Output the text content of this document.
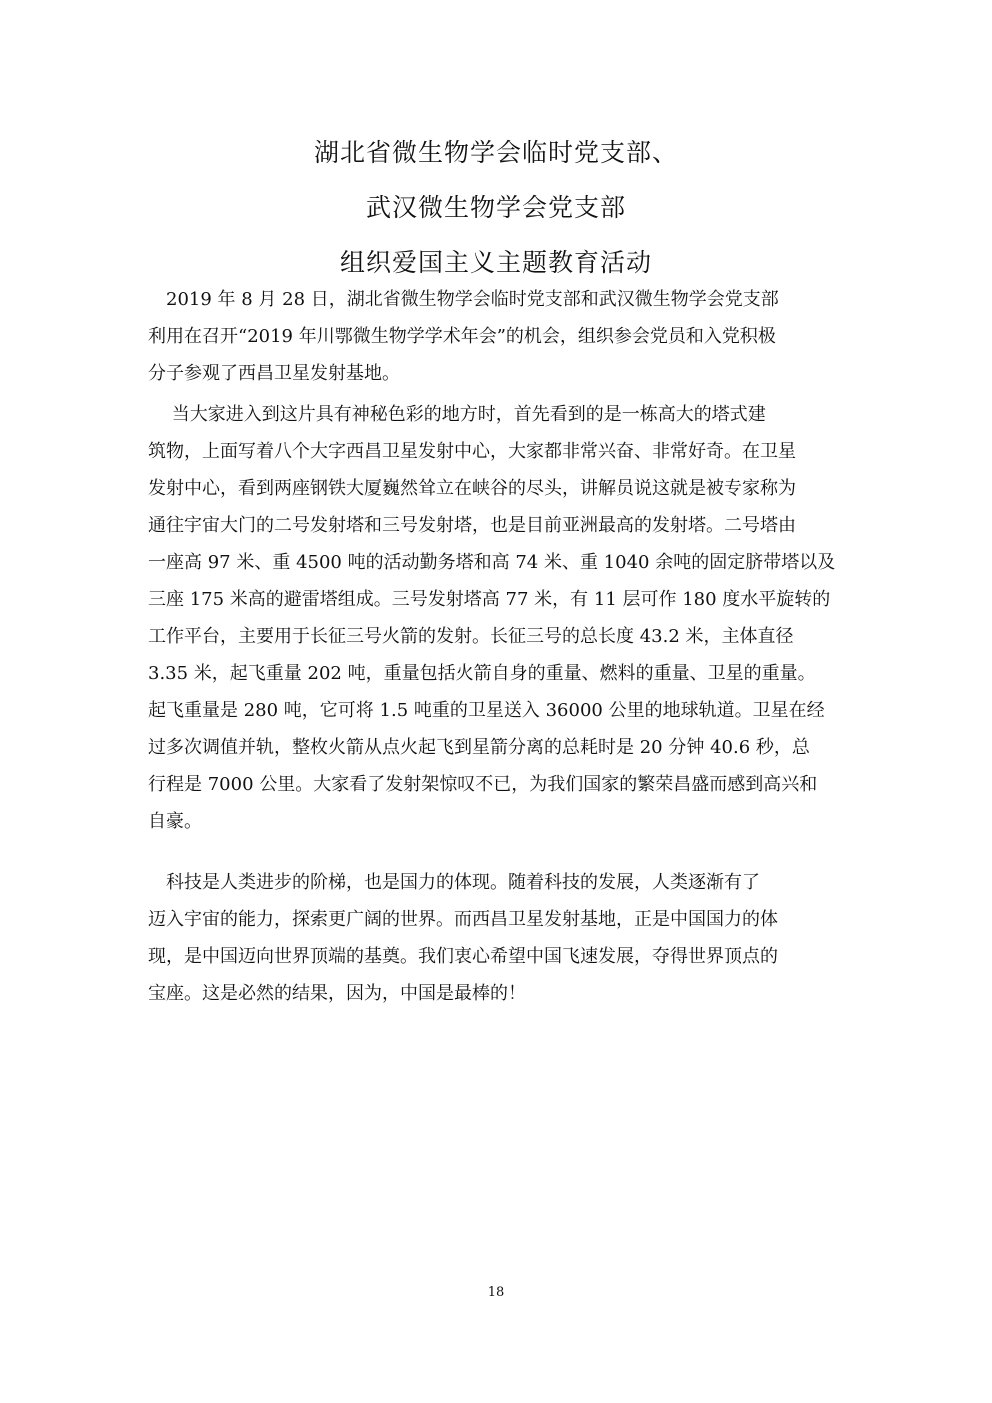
湖北省微生物学会临时党支部、
武汉微生物学会党支部
组织爱国主义主题教育活动
　2019 年 8 月 28 日，湖北省微生物学会临时党支部和武汉微生物学会党支部
利用在召开“2019 年川鄂微生物学学术年会”的机会，组织参会党员和入党积极
分子参观了西昌卫星发射基地。
　 当大家进入到这片具有神秘色彩的地方时，首先看到的是一栋高大的塔式建
筑物，上面写着八个大字西昌卫星发射中心，大家都非常兴奋、非常好奇。在卫星
发射中心，看到两座钢铁大厦巍然耸立在峡谷的尽头，讲解员说这就是被专家称为
通往宇宙大门的二号发射塔和三号发射塔，也是目前亚洲最高的发射塔。二号塔由
一座高 97 米、重 4500 吨的活动勤务塔和高 74 米、重 1040 余吨的固定脐带塔以及
三座 175 米高的避雷塔组成。三号发射塔高 77 米，有 11 层可作 180 度水平旋转的
工作平台，主要用于长征三号火箭的发射。长征三号的总长度 43.2 米，主体直径
3.35 米，起飞重量 202 吨，重量包括火箭自身的重量、燃料的重量、卫星的重量。
起飞重量是 280 吨，它可将 1.5 吨重的卫星送入 36000 公里的地球轨道。卫星在经
过多次调值并轨，整枚火箭从点火起飞到星箭分离的总耗时是 20 分钟 40.6 秒，总
行程是 7000 公里。大家看了发射架惊叹不已，为我们国家的繁荣昌盛而感到高兴和
自豪。
　科技是人类进步的阶梯，也是国力的体现。随着科技的发展，人类逐渐有了
迈入宇宙的能力，探索更广阔的世界。而西昌卫星发射基地，正是中国国力的体
现，是中国迈向世界顶端的基奠。我们衷心希望中国飞速发展，夺得世界顶点的
宝座。这是必然的结果，因为，中国是最棒的！
18
